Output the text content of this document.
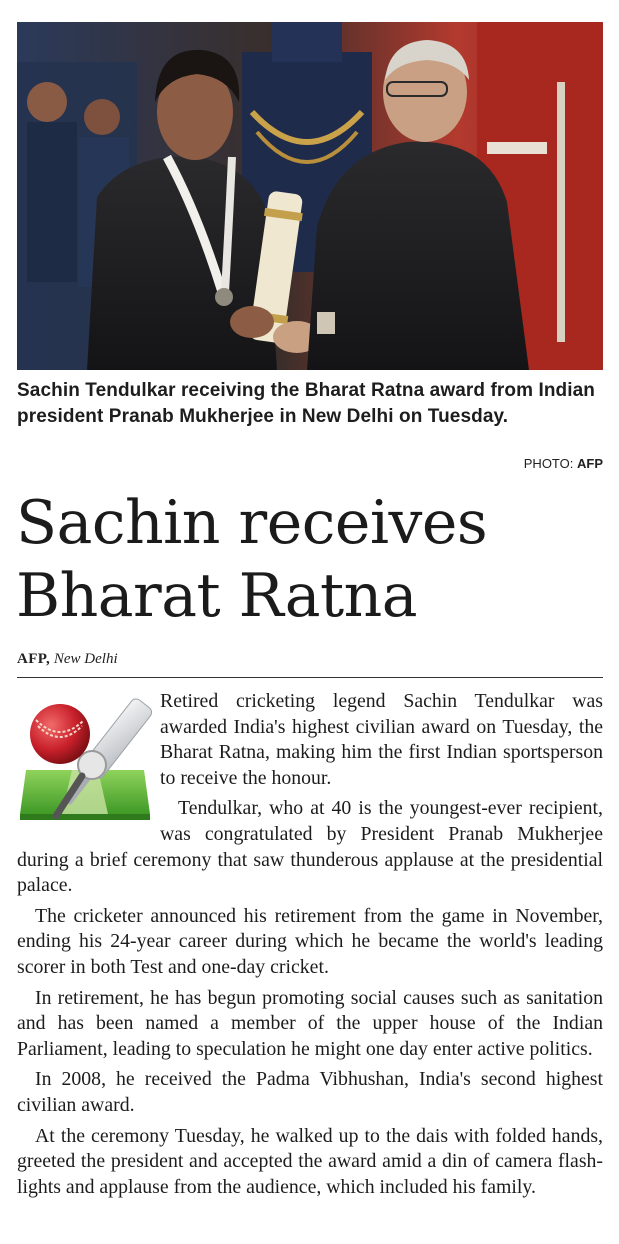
Sachin Tendulkar receiving the Bharat Ratna award from Indian president Pranab Mukherjee in New Delhi on Tuesday.
PHOTO: AFP
Sachin receives
Bharat Ratna
AFP, New Delhi

Retired cricketing legend Sachin Tendulkar was awarded India's highest civilian award on Tuesday, the Bharat Ratna, making him the first Indian sportsperson to receive the honour.

Tendulkar, who at 40 is the youngest-ever recipient, was congratulated by President Pranab Mukherjee during a brief ceremony that saw thunderous applause at the presidential palace.

The cricketer announced his retirement from the game in November, ending his 24-year career during which he became the world's leading scorer in both Test and one-day cricket.

In retirement, he has begun promoting social causes such as sanitation and has been named a member of the upper house of the Indian Parliament, leading to speculation he might one day enter active politics.

In 2008, he received the Padma Vibhushan, India's second highest civilian award.

At the ceremony Tuesday, he walked up to the dais with folded hands, greeted the president and accepted the award amid a din of camera flash-lights and applause from the audience, which included his family.
